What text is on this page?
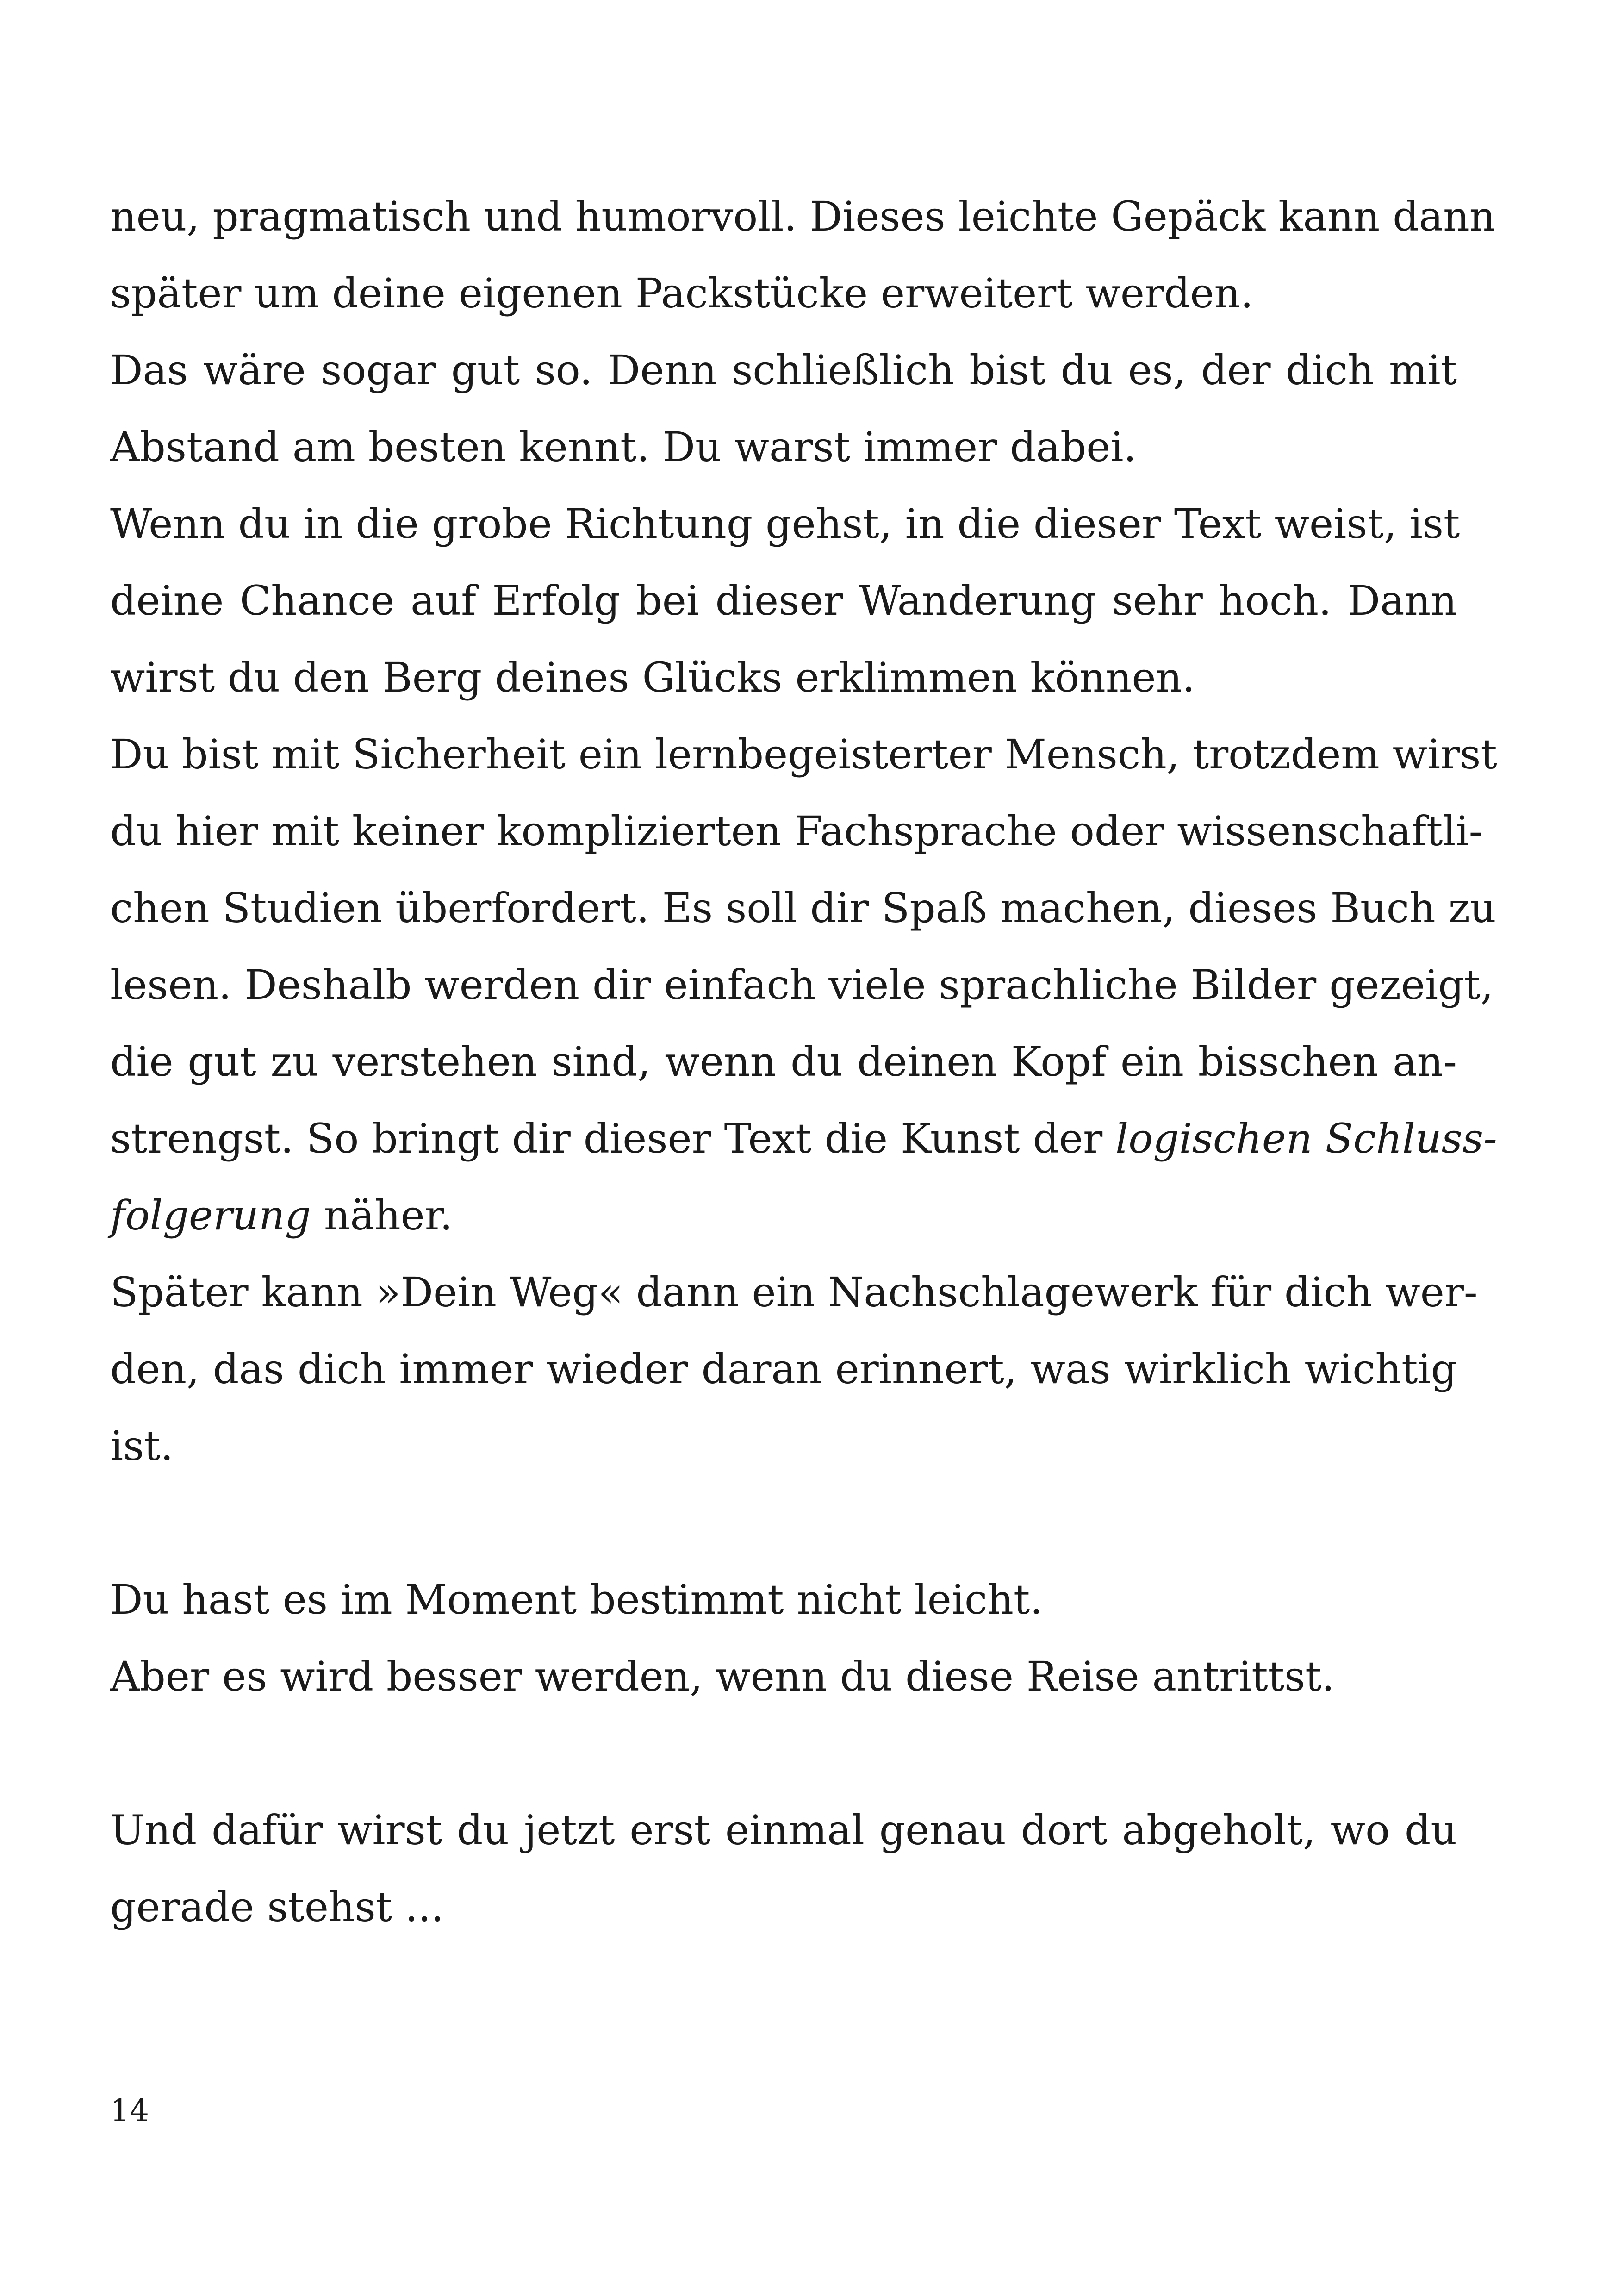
neu, pragmatisch und humorvoll. Dieses leichte Gepäck kann dann
später um deine eigenen Packstücke erweitert werden.
Das wäre sogar gut so. Denn schließlich bist du es, der dich mit
Abstand am besten kennt. Du warst immer dabei.
Wenn du in die grobe Richtung gehst, in die dieser Text weist, ist
deine Chance auf Erfolg bei dieser Wanderung sehr hoch. Dann
wirst du den Berg deines Glücks erklimmen können.
Du bist mit Sicherheit ein lernbegeisterter Mensch, trotzdem wirst
du hier mit keiner komplizierten Fachsprache oder wissenschaftli-
chen Studien überfordert. Es soll dir Spaß machen, dieses Buch zu
lesen. Deshalb werden dir einfach viele sprachliche Bilder gezeigt,
die gut zu verstehen sind, wenn du deinen Kopf ein bisschen an-
strengst. So bringt dir dieser Text die Kunst der logischen Schluss-
folgerung näher.
Später kann »Dein Weg« dann ein Nachschlagewerk für dich wer-
den, das dich immer wieder daran erinnert, was wirklich wichtig
ist.
Du hast es im Moment bestimmt nicht leicht.
Aber es wird besser werden, wenn du diese Reise antrittst.
Und dafür wirst du jetzt erst einmal genau dort abgeholt, wo du
gerade stehst ...
14
